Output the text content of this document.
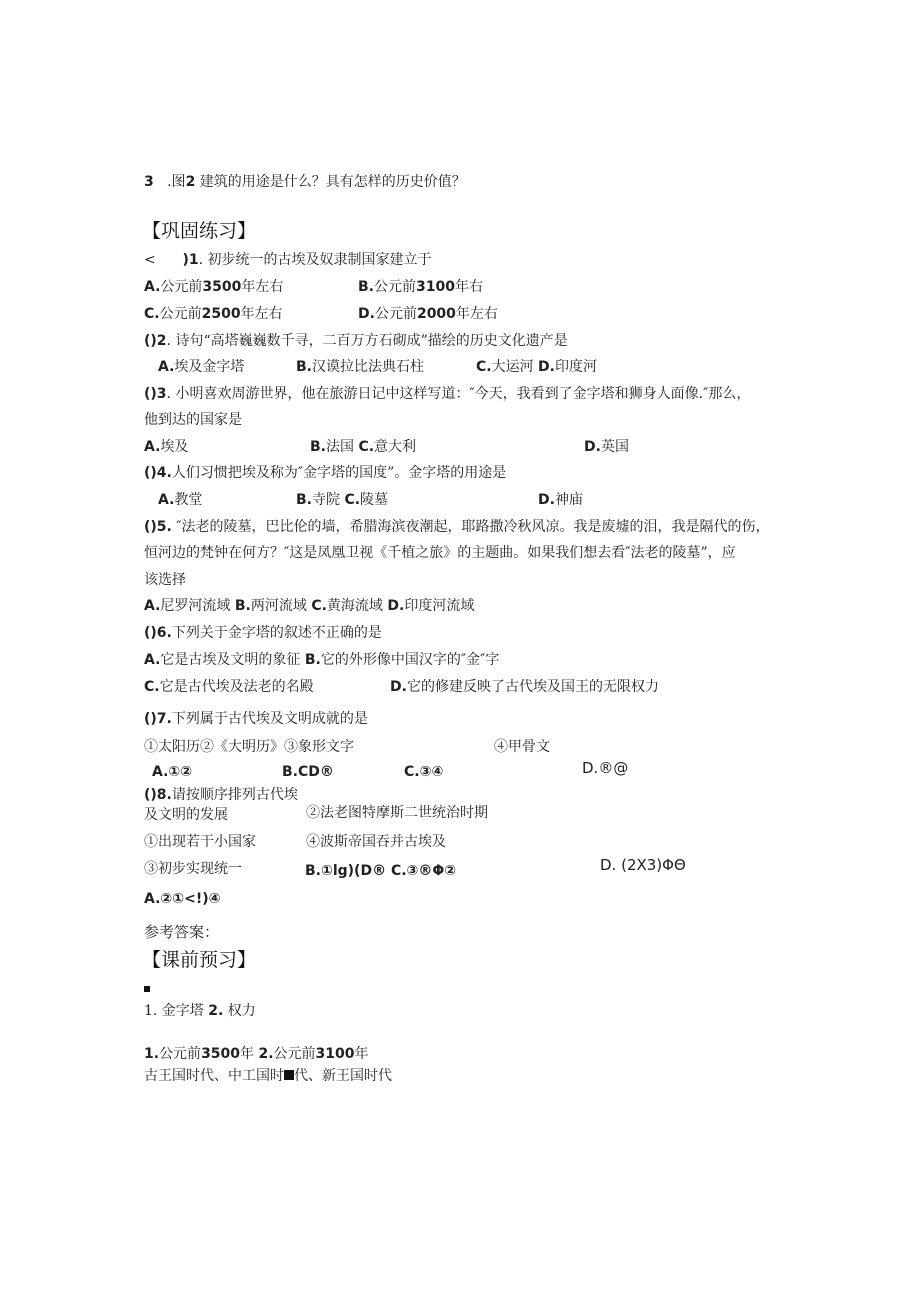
3 .图2 建筑的用途是什么？具有怎样的历史价值？
【巩固练习】
< )1. 初步统一的古埃及奴隶制国家建立于
A.公元前3500年左右	B.公元前3100年右
C.公元前2500年左右	D.公元前2000年左右
()2. 诗句“高塔巍巍数千寻，二百万方石砌成”描绘的历史文化遗产是
A.埃及金字塔	B.汉谟拉比法典石柱	C.大运河 D.印度河
()3. 小明喜欢周游世界，他在旅游日记中这样写道：″今天，我看到了金字塔和狮身人面像.″那么，
他到达的国家是
A.埃及	B.法国 C.意大利	D.英国
()4.人们习惯把埃及称为″金字塔的国度”。金字塔的用途是
A.教堂	B.寺院 C.陵墓	D.神庙
()5. ″法老的陵墓，巴比伦的墙，希腊海滨夜潮起，耶路撒冷秋风凉。我是废墟的泪，我是隔代的伤，
恒河边的梵钟在何方？″这是凤凰卫视《千植之旅》的主题曲。如果我们想去看″法老的陵墓”，应
该选择
A.尼罗河流域 B.两河流域 C.黄海流域 D.印度河流域
()6.下列关于金字塔的叙述不正确的是
A.它是古埃及文明的象征 B.它的外形像中国汉字的″金″字
C.它是古代埃及法老的名殿	D.它的修建反映了古代埃及国王的无限权力
()7.下列属于古代埃及文明成就的是
①太阳历②《大明历》③象形文字	④甲骨文
A.①②	B.CD®	C.③④	D.®@
()8.请按顺序排列古代埃
及文明的发展	②法老图特摩斯二世统治时期
①出现若干小国家	④波斯帝国吞并古埃及
③初步实现统一	B.①lg)(D® C.③®Φ②	D. (2X3)ΦΘ
A.②①<!)④
参考答案：
【课前预习】
1. 金字塔 2. 权力
1.公元前3500年 2.公元前3100年
古王国时代、中工国时 代、新王国时代
